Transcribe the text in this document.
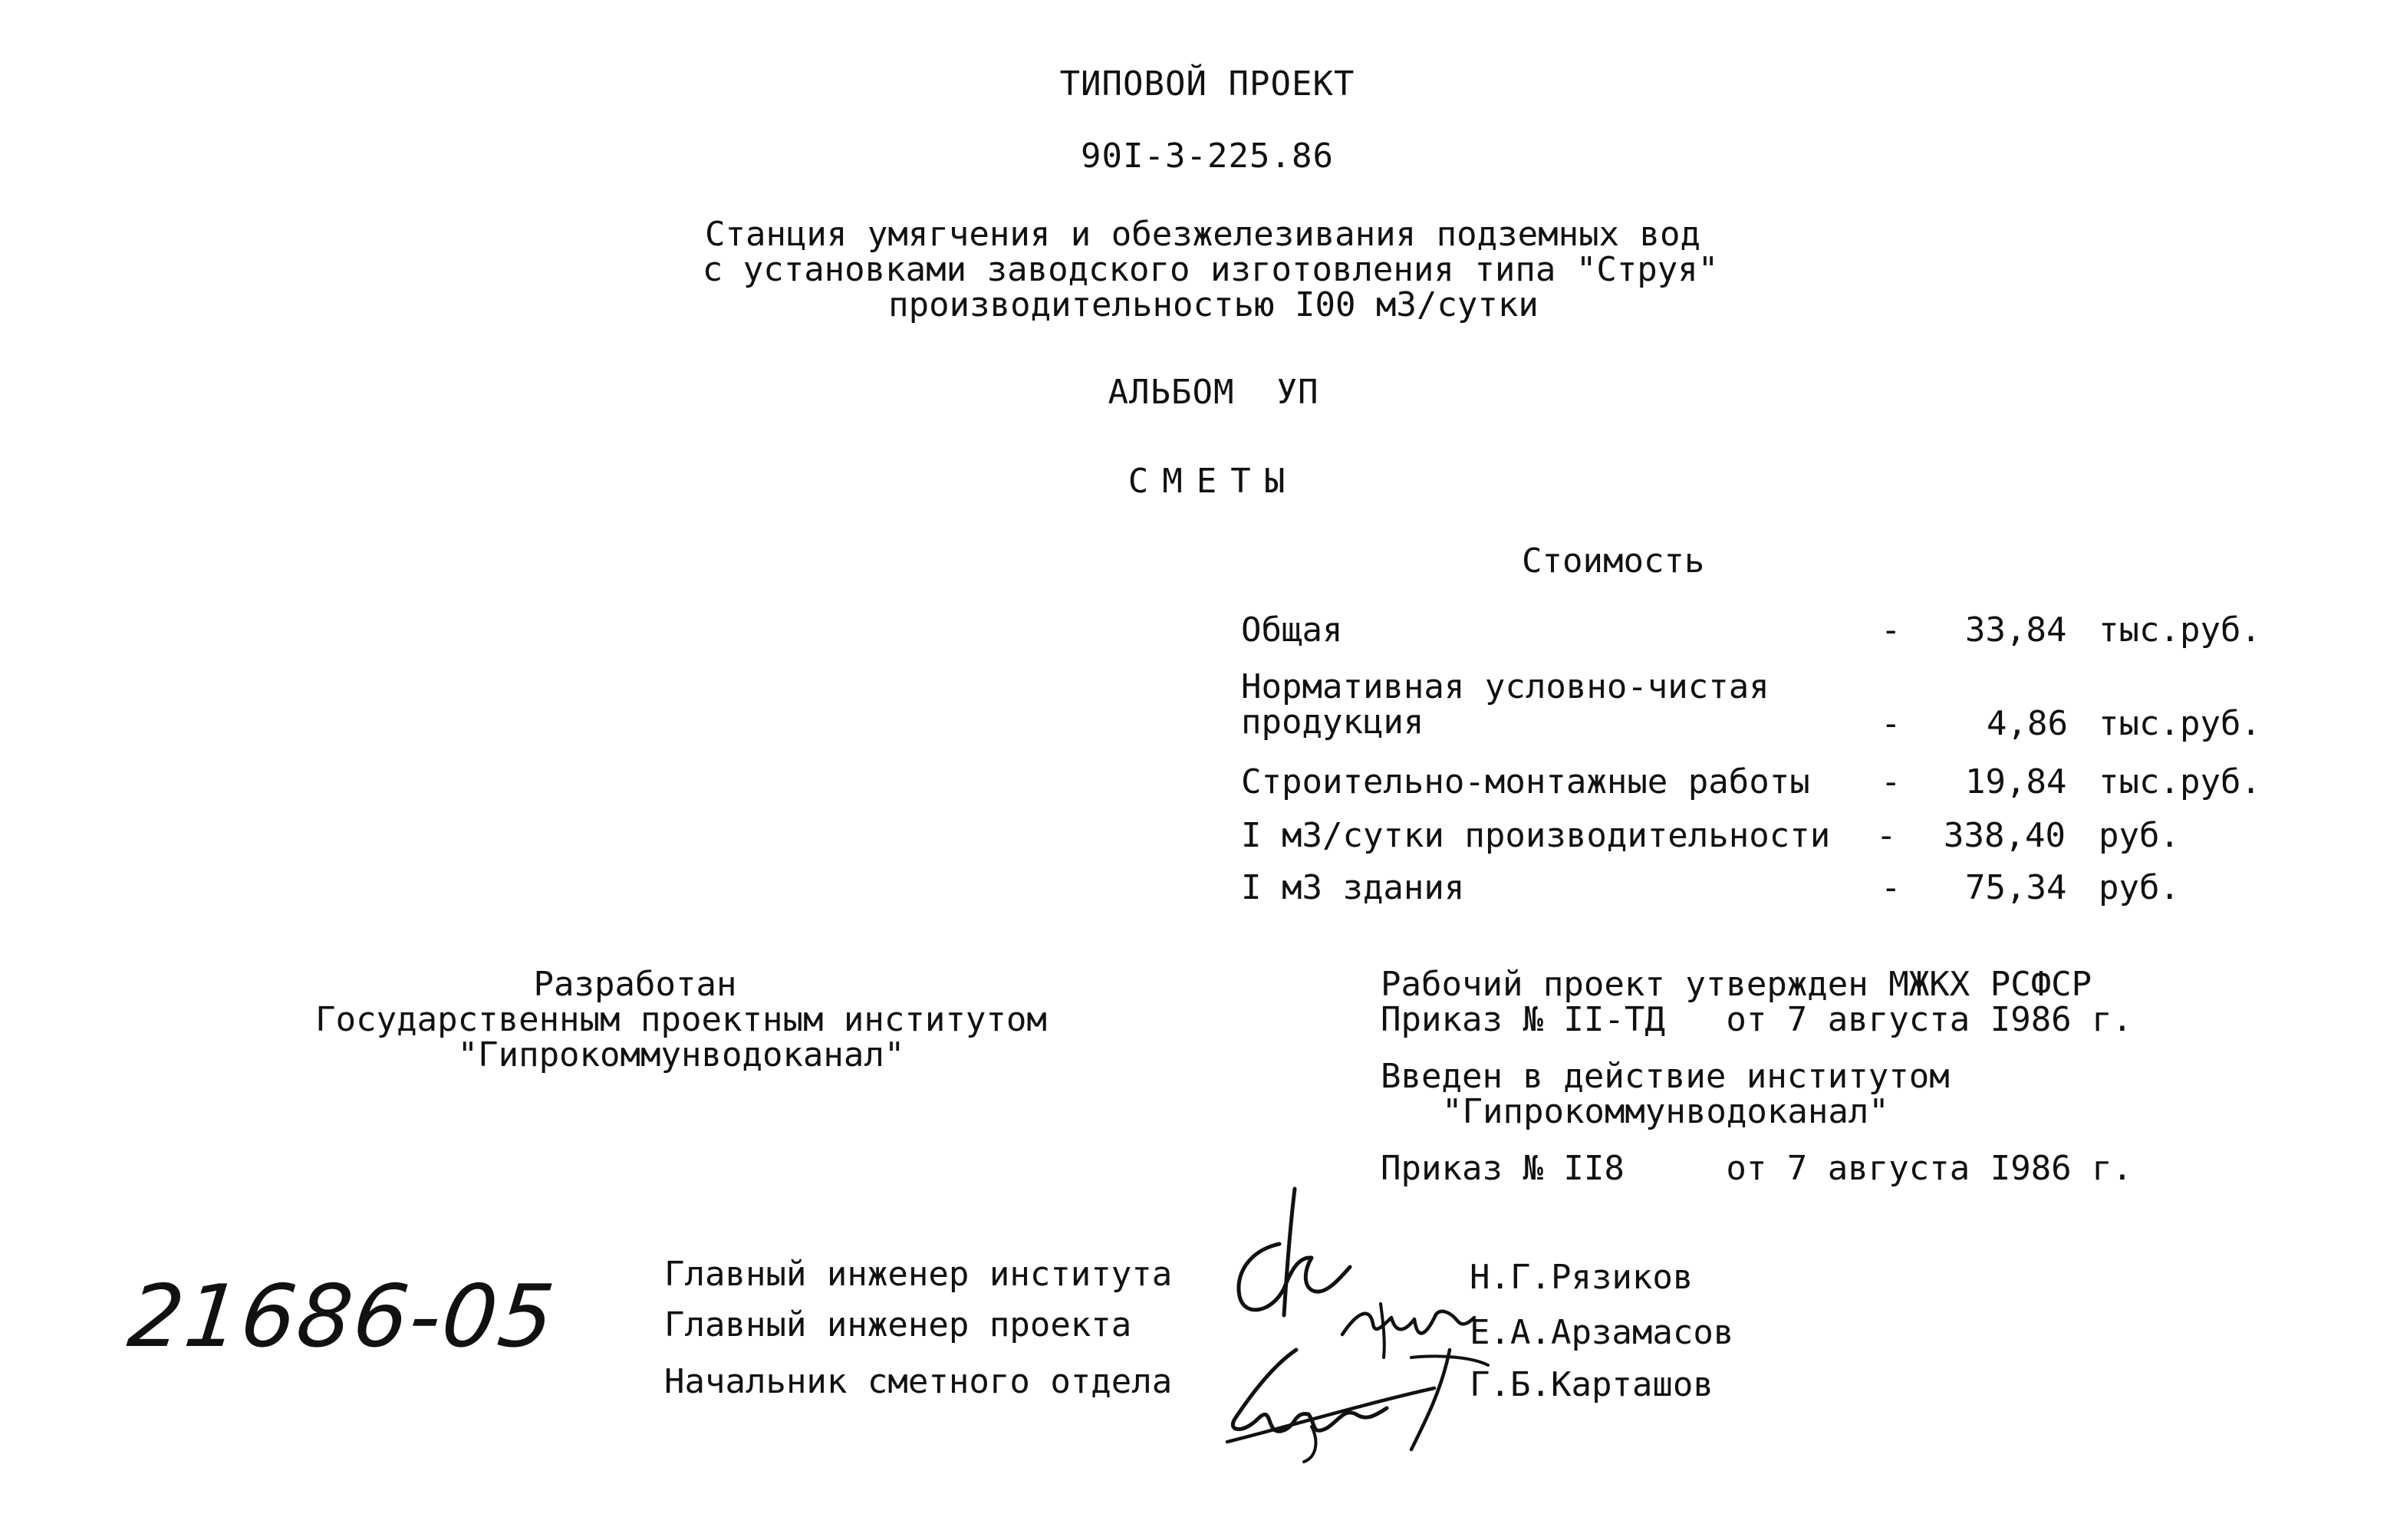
ТИПОВОЙ ПРОЕКТ
90I-3-225.86
Станция умягчения и обезжелезивания подземных вод
с установками заводского изготовления типа "Струя"
производительностью I00 м3/сутки
АЛЬБОМ  УП
СМЕТЫ
Стоимость
Общая	- 33,84 тыс.руб.
Нормативная условно-чистая
продукция	-	4,86 тыс.руб.
Строительно-монтажные работы - 19,84 тыс.руб.
I м3/сутки производительности - 338,40 руб.
I м3 здания	- 75,34 руб.
Разработан
Государственным проектным институтом
"Гипрокоммунводоканал"
Рабочий проект утвержден МЖКХ РСФСР
Приказ № II-ТД   от 7 августа I986 г.
Введен в действие институтом
"Гипрокоммунводоканал"
Приказ № II8     от 7 августа I986 г.
21686-05	Главный инженер института	Н.Г.Рязиков
Главный инженер проекта	Е.А.Арзамасов
Начальник сметного отдела	Г.Б.Карташов
